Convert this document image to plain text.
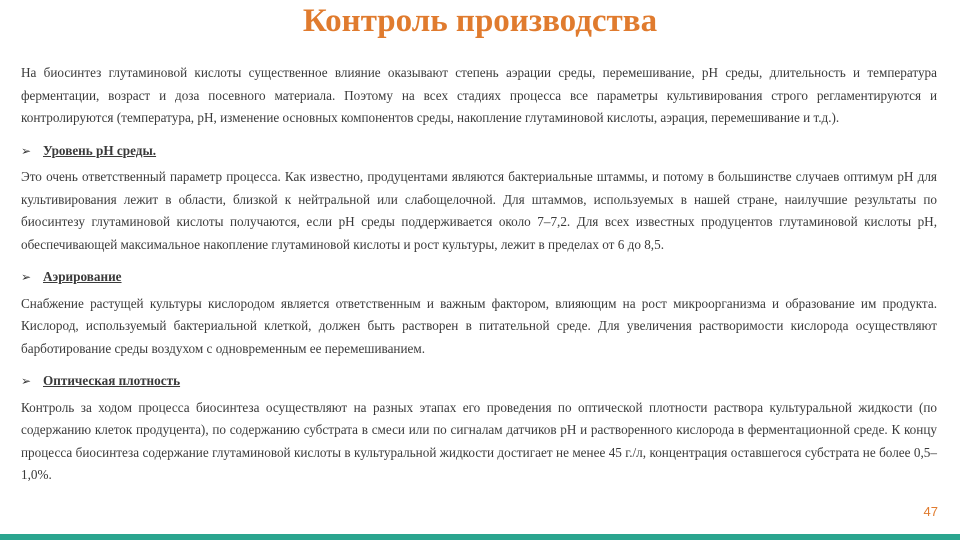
Контроль производства

На биосинтез глутаминовой кислоты существенное влияние оказывают степень аэрации среды, перемешивание, рН среды, длительность и температура ферментации, возраст и доза посевного материала. Поэтому на всех стадиях процесса все параметры культивирования строго регламентируются и контролируются (температура, рН, изменение основных компонентов среды, накопление глутаминовой кислоты, аэрация, перемешивание и т.д.).

➢ Уровень рН среды.

Это очень ответственный параметр процесса. Как известно, продуцентами являются бактериальные штаммы, и потому в большинстве случаев оптимум рН для культивирования лежит в области, близкой к нейтральной или слабощелочной. Для штаммов, используемых в нашей стране, наилучшие результаты по биосинтезу глутаминовой кислоты получаются, если рН среды поддерживается около 7–7,2. Для всех известных продуцентов глутаминовой кислоты рН, обеспечивающей максимальное накопление глутаминовой кислоты и рост культуры, лежит в пределах от 6 до 8,5.

➢ Аэрирование

Снабжение растущей культуры кислородом является ответственным и важным фактором, влияющим на рост микроорганизма и образование им продукта. Кислород, используемый бактериальной клеткой, должен быть растворен в питательной среде. Для увеличения растворимости кислорода осуществляют барботирование среды воздухом с одновременным ее перемешиванием.

➢ Оптическая плотность

Контроль за ходом процесса биосинтеза осуществляют на разных этапах его проведения по оптической плотности раствора культуральной жидкости (по содержанию клеток продуцента), по содержанию субстрата в смеси или по сигналам датчиков рН и растворенного кислорода в ферментационной среде. К концу процесса биосинтеза содержание глутаминовой кислоты в культуральной жидкости достигает не менее 45 г./л, концентрация оставшегося субстрата не более 0,5–1,0%.

47
